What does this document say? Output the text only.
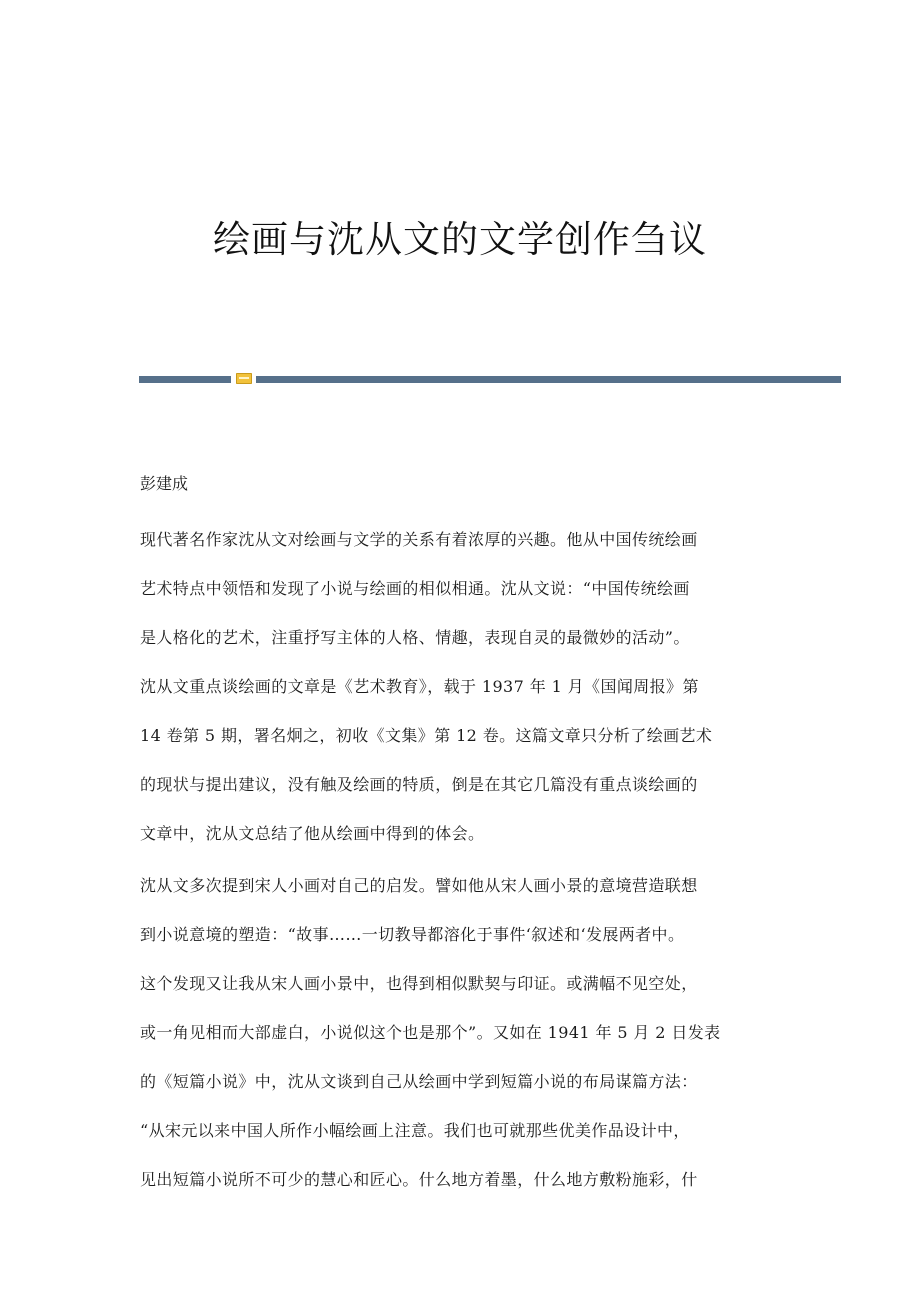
绘画与沈从文的文学创作刍议

彭建成

现代著名作家沈从文对绘画与文学的关系有着浓厚的兴趣。他从中国传统绘画
艺术特点中领悟和发现了小说与绘画的相似相通。沈从文说：“中国传统绘画
是人格化的艺术，注重抒写主体的人格、情趣，表现自灵的最微妙的活动”。
沈从文重点谈绘画的文章是《艺术教育》，载于 1937 年 1 月《国闻周报》第
14 卷第 5 期，署名炯之，初收《文集》第 12 卷。这篇文章只分析了绘画艺术
的现状与提出建议，没有触及绘画的特质，倒是在其它几篇没有重点谈绘画的
文章中，沈从文总结了他从绘画中得到的体会。

沈从文多次提到宋人小画对自己的启发。譬如他从宋人画小景的意境营造联想
到小说意境的塑造：“故事……一切教导都溶化于事件‘叙述和‘发展两者中。
这个发现又让我从宋人画小景中，也得到相似默契与印证。或满幅不见空处，
或一角见相而大部虚白，小说似这个也是那个”。又如在 1941 年 5 月 2 日发表
的《短篇小说》中，沈从文谈到自己从绘画中学到短篇小说的布局谋篇方法：
“从宋元以来中国人所作小幅绘画上注意。我们也可就那些优美作品设计中，
见出短篇小说所不可少的慧心和匠心。什么地方着墨，什么地方敷粉施彩，什
